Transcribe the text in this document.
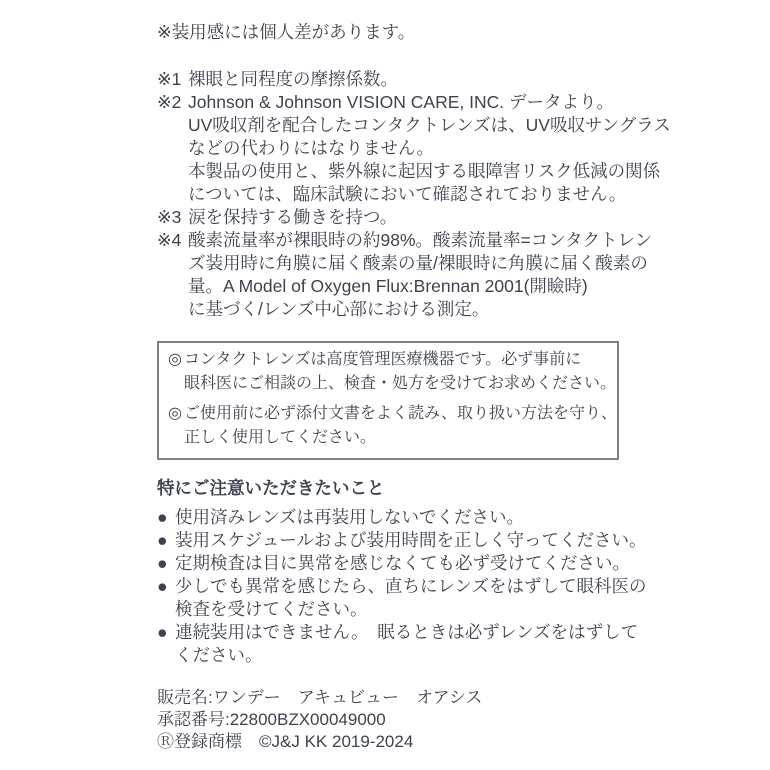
※装用感には個人差があります。
※1 裸眼と同程度の摩擦係数。
※2 Johnson & Johnson VISION CARE, INC. データより。
UV吸収剤を配合したコンタクトレンズは、UV吸収サングラス
などの代わりにはなりません。
本製品の使用と、紫外線に起因する眼障害リスク低減の関係
については、臨床試験において確認されておりません。
※3 涙を保持する働きを持つ。
※4 酸素流量率が裸眼時の約98%。酸素流量率=コンタクトレン
ズ装用時に角膜に届く酸素の量/裸眼時に角膜に届く酸素の
量。A Model of Oxygen Flux:Brennan 2001(開瞼時)
に基づく/レンズ中心部における測定。
◎ コンタクトレンズは高度管理医療機器です。必ず事前に
眼科医にご相談の上、検査・処方を受けてお求めください。
◎ ご使用前に必ず添付文書をよく読み、取り扱い方法を守り、
正しく使用してください。
特にご注意いただきたいこと
● 使用済みレンズは再装用しないでください。
● 装用スケジュールおよび装用時間を正しく守ってください。
● 定期検査は目に異常を感じなくても必ず受けてください。
● 少しでも異常を感じたら、直ちにレンズをはずして眼科医の
検査を受けてください。
● 連続装用はできません。　眠るときは必ずレンズをはずして
ください。
販売名:ワンデー　アキュビュー　オアシス
承認番号:22800BZX00049000
Ⓡ登録商標　©J&J KK 2019-2024
